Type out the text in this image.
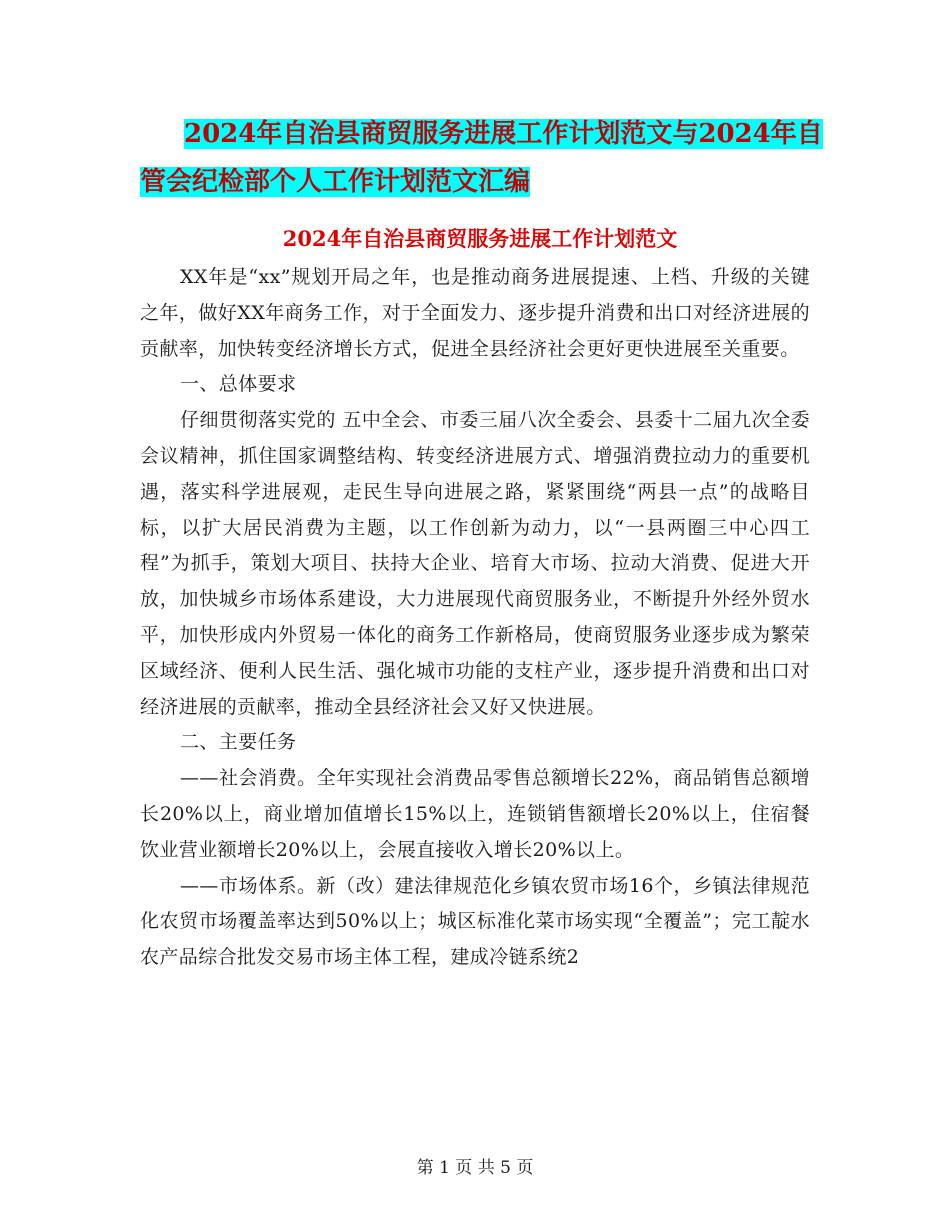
2024年自治县商贸服务进展工作计划范文与2024年自
管会纪检部个人工作计划范文汇编
2024年自治县商贸服务进展工作计划范文

XX年是“xx”规划开局之年，也是推动商务进展提速、上档、升级的关键之年，做好XX年商务工作，对于全面发力、逐步提升消费和出口对经济进展的贡献率，加快转变经济增长方式，促进全县经济社会更好更快进展至关重要。

一、总体要求

仔细贯彻落实党的 五中全会、市委三届八次全委会、县委十二届九次全委会议精神，抓住国家调整结构、转变经济进展方式、增强消费拉动力的重要机遇，落实科学进展观，走民生导向进展之路，紧紧围绕“两县一点”的战略目标，以扩大居民消费为主题，以工作创新为动力，以“一县两圈三中心四工程”为抓手，策划大项目、扶持大企业、培育大市场、拉动大消费、促进大开放，加快城乡市场体系建设，大力进展现代商贸服务业，不断提升外经外贸水平，加快形成内外贸易一体化的商务工作新格局，使商贸服务业逐步成为繁荣区域经济、便利人民生活、强化城市功能的支柱产业，逐步提升消费和出口对经济进展的贡献率，推动全县经济社会又好又快进展。

二、主要任务

——社会消费。全年实现社会消费品零售总额增长22%，商品销售总额增长20%以上，商业增加值增长15%以上，连锁销售额增长20%以上，住宿餐饮业营业额增长20%以上，会展直接收入增长20%以上。

——市场体系。新（改）建法律规范化乡镇农贸市场16个，乡镇法律规范化农贸市场覆盖率达到50%以上；城区标准化菜市场实现“全覆盖”；完工靛水农产品综合批发交易市场主体工程，建成冷链系统2

第 1 页 共 5 页
